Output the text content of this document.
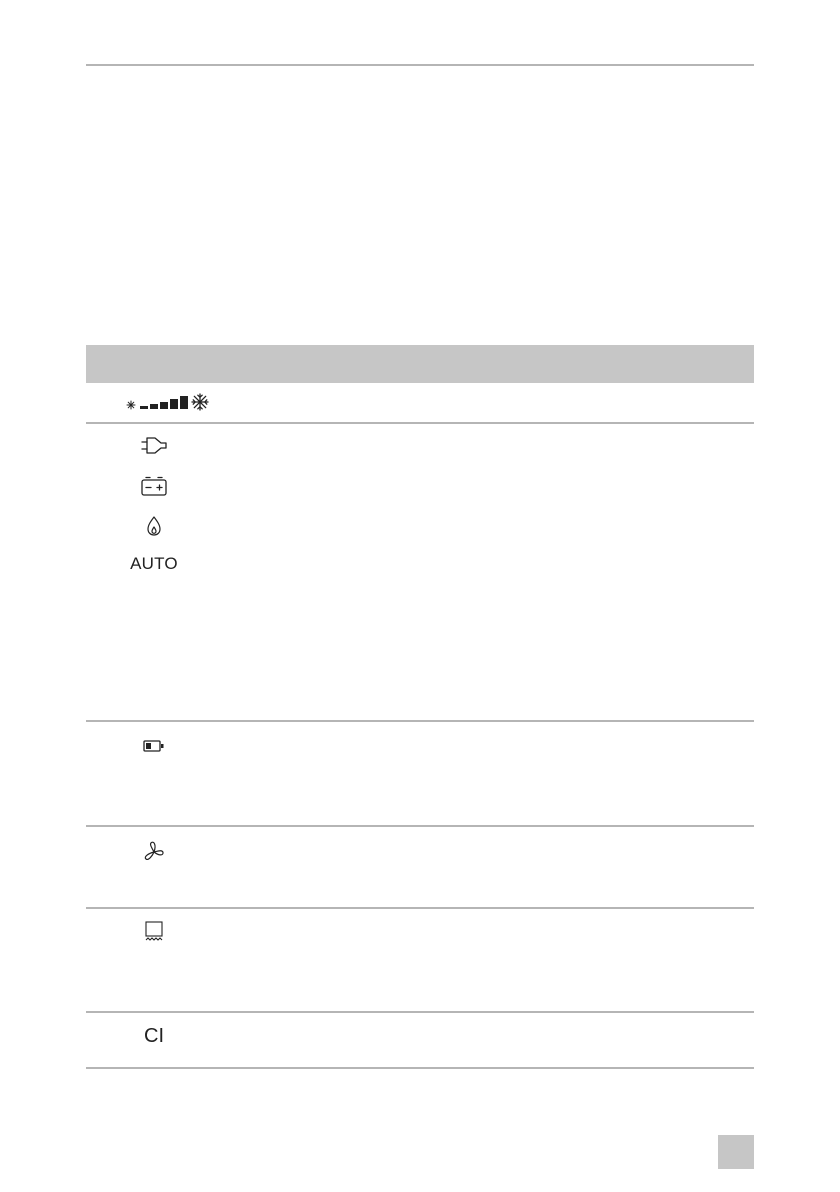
AUTO
CI
